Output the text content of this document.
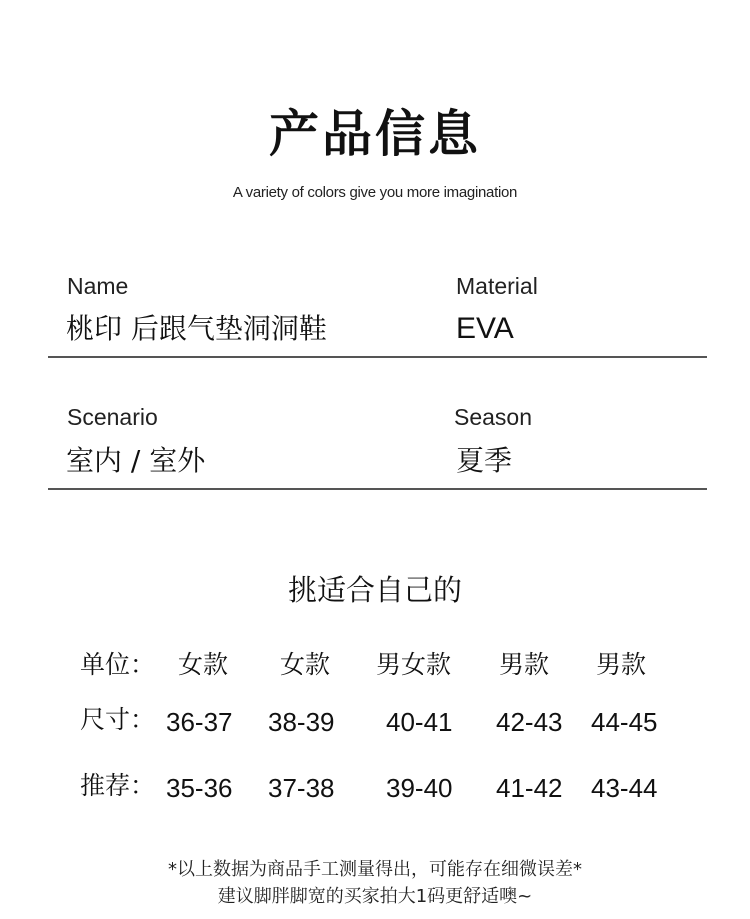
产品信息
A variety of colors give you more imagination
Name
桃印 后跟气垫洞洞鞋
Material
EVA
Scenario
室内 / 室外
Season
夏季
挑适合自己的
单位： 女款 女款 男女款 男款 男款
尺寸： 36-37 38-39 40-41 42-43 44-45
推荐： 35-36 37-38 39-40 41-42 43-44
*以上数据为商品手工测量得出，可能存在细微误差*
建议脚胖脚宽的买家拍大1码更舒适噢~
